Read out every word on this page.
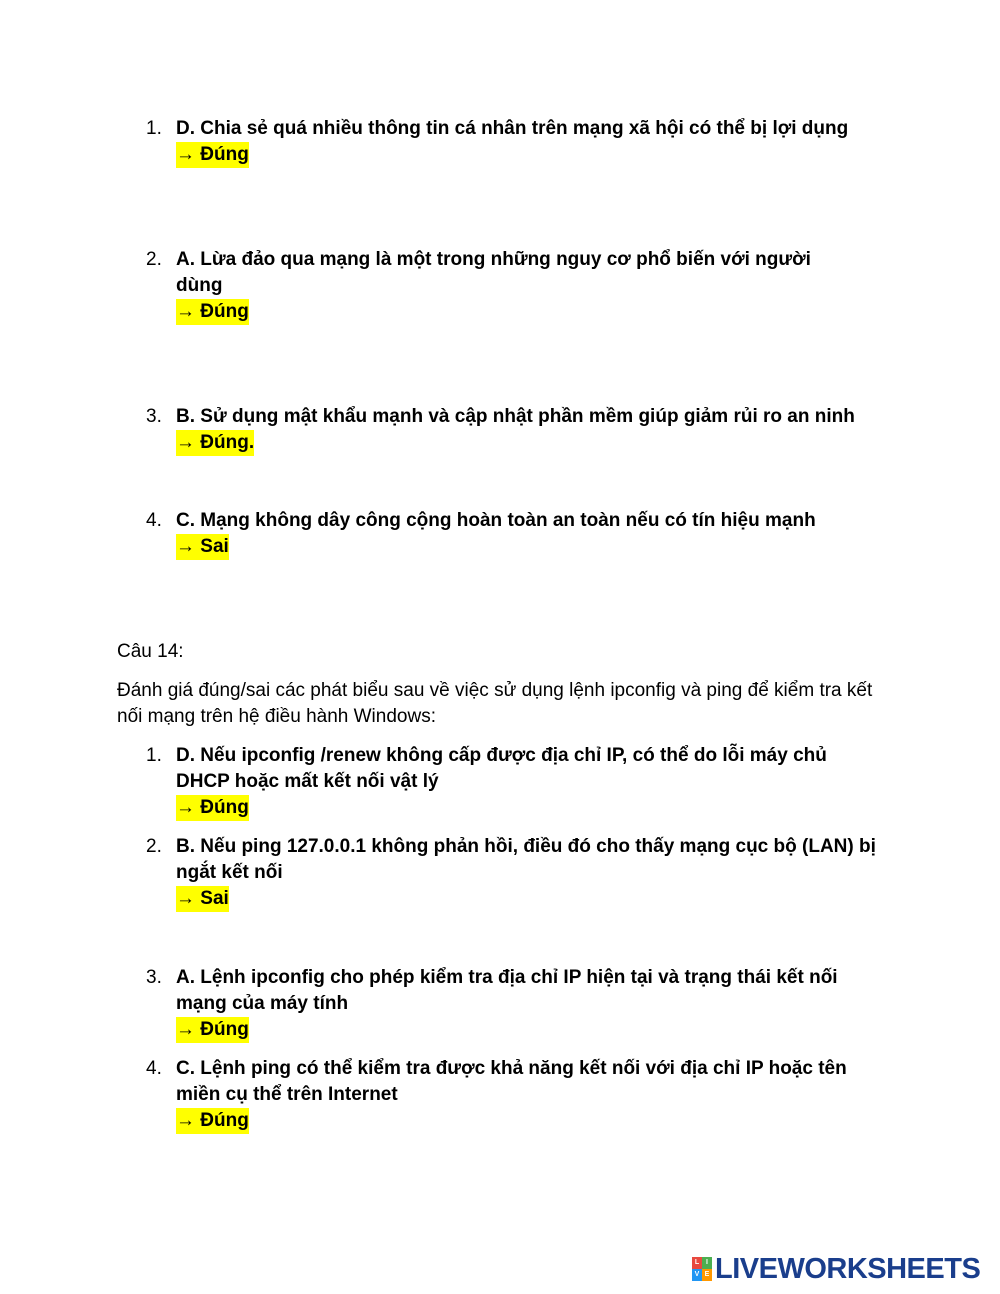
1. D. Chia sẻ quá nhiều thông tin cá nhân trên mạng xã hội có thể bị lợi dụng
→ Đúng
2. A. Lừa đảo qua mạng là một trong những nguy cơ phổ biến với người dùng
→ Đúng
3. B. Sử dụng mật khẩu mạnh và cập nhật phần mềm giúp giảm rủi ro an ninh
→ Đúng.
4. C. Mạng không dây công cộng hoàn toàn an toàn nếu có tín hiệu mạnh
→ Sai
Câu 14:
Đánh giá đúng/sai các phát biểu sau về việc sử dụng lệnh ipconfig và ping để kiểm tra kết nối mạng trên hệ điều hành Windows:
1. D. Nếu ipconfig /renew không cấp được địa chỉ IP, có thể do lỗi máy chủ DHCP hoặc mất kết nối vật lý
→ Đúng
2. B. Nếu ping 127.0.0.1 không phản hồi, điều đó cho thấy mạng cục bộ (LAN) bị ngắt kết nối
→ Sai
3. A. Lệnh ipconfig cho phép kiểm tra địa chỉ IP hiện tại và trạng thái kết nối mạng của máy tính
→ Đúng
4. C. Lệnh ping có thể kiểm tra được khả năng kết nối với địa chỉ IP hoặc tên miền cụ thể trên Internet
→ Đúng
L I
V E LIVEWORKSHEETS
